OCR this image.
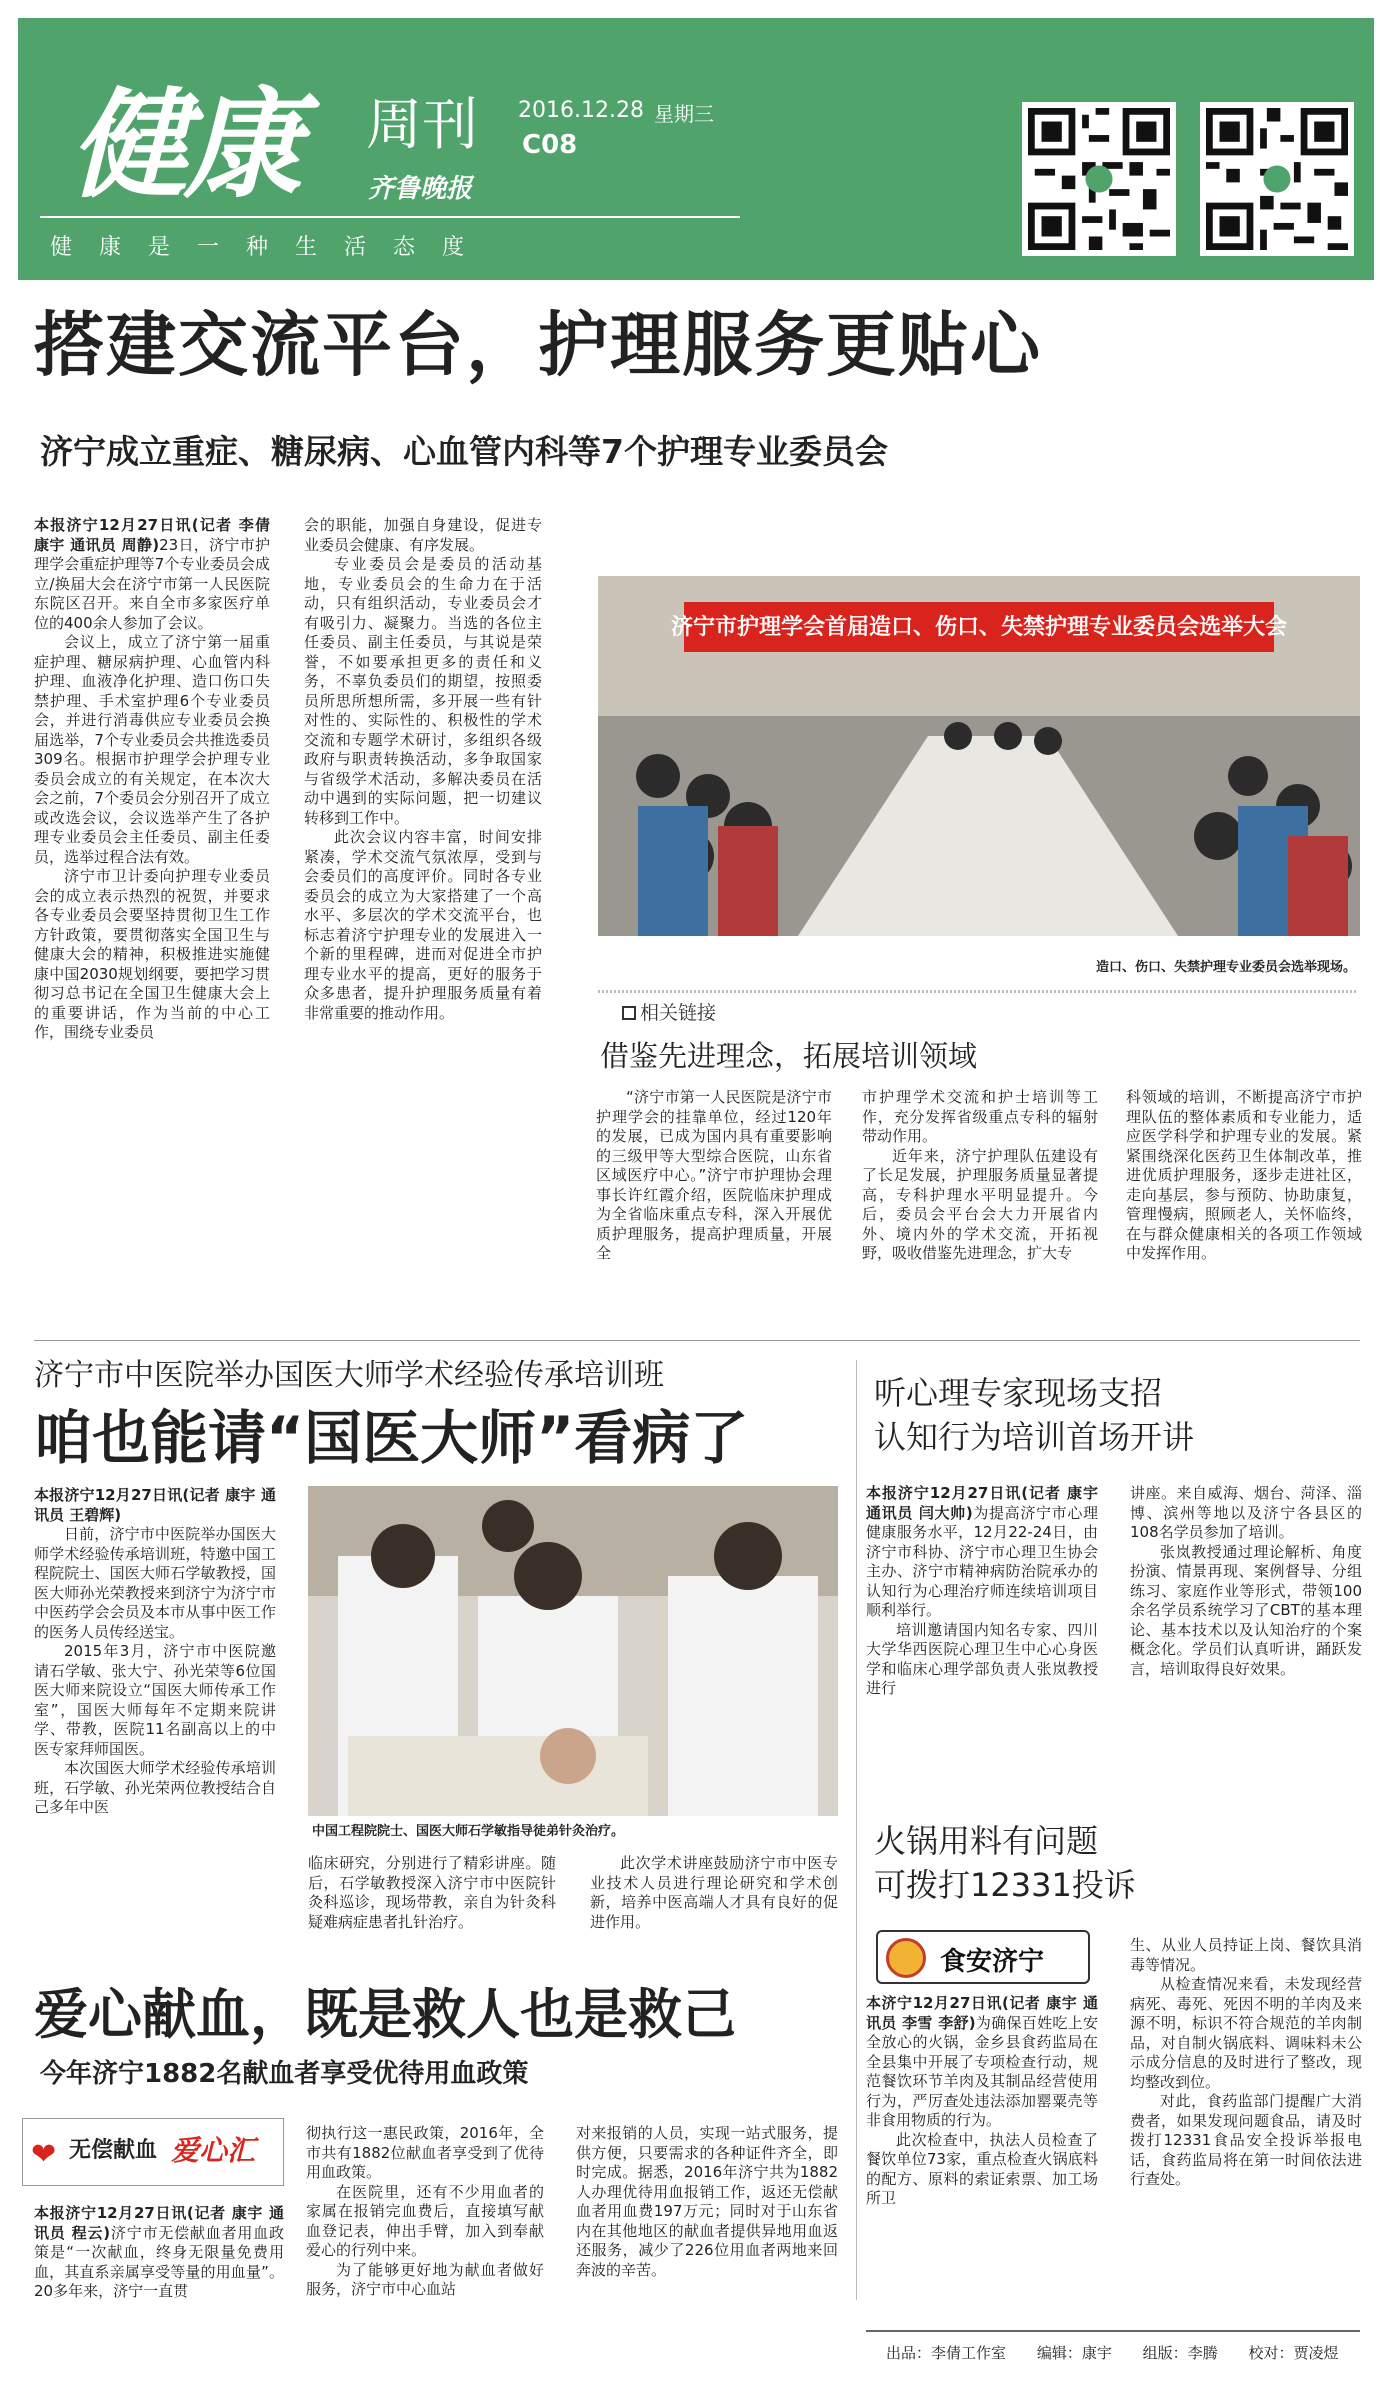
健康 周刊 2016.12.28 星期三
C08
齐鲁晚报
健 康 是 一 种 生 活 态 度
搭建交流平台，护理服务更贴心
济宁成立重症、糖尿病、心血管内科等7个护理专业委员会

本报济宁12月27日讯(记者 李倩 康宇 通讯员 周静)23日，济宁市护理学会重症护理等7个专业委员会成立/换届大会在济宁市第一人民医院东院区召开。来自全市多家医疗单位的400余人参加了会议。

会议上，成立了济宁第一届重症护理、糖尿病护理、心血管内科护理、血液净化护理、造口伤口失禁护理、手术室护理6个专业委员会，并进行消毒供应专业委员会换届选举，7个专业委员会共推选委员309名。根据市护理学会护理专业委员会成立的有关规定，在本次大会之前，7个委员会分别召开了成立或改选会议，会议选举产生了各护理专业委员会主任委员、副主任委员，选举过程合法有效。

济宁市卫计委向护理专业委员会的成立表示热烈的祝贺，并要求各专业委员会要坚持贯彻卫生工作方针政策，要贯彻落实全国卫生与健康大会的精神，积极推进实施健康中国2030规划纲要，要把学习贯彻习总书记在全国卫生健康大会上的重要讲话，作为当前的中心工作，围绕专业委员

会的职能，加强自身建设，促进专业委员会健康、有序发展。

专业委员会是委员的活动基地，专业委员会的生命力在于活动，只有组织活动，专业委员会才有吸引力、凝聚力。当选的各位主任委员、副主任委员，与其说是荣誉，不如要承担更多的责任和义务，不辜负委员们的期望，按照委员所思所想所需，多开展一些有针对性的、实际性的、积极性的学术交流和专题学术研讨，多组织各级政府与职责转换活动，多争取国家与省级学术活动，多解决委员在活动中遇到的实际问题，把一切建议转移到工作中。

此次会议内容丰富，时间安排紧凑，学术交流气氛浓厚，受到与会委员们的高度评价。同时各专业委员会的成立为大家搭建了一个高水平、多层次的学术交流平台，也标志着济宁护理专业的发展进入一个新的里程碑，进而对促进全市护理专业水平的提高，更好的服务于众多患者，提升护理服务质量有着非常重要的推动作用。

济宁市护理学会首届造口、伤口、失禁护理专业委员会选举大会
造口、伤口、失禁护理专业委员会选举现场。
相关链接
借鉴先进理念，拓展培训领域

“济宁市第一人民医院是济宁市护理学会的挂靠单位，经过120年的发展，已成为国内具有重要影响的三级甲等大型综合医院，山东省区域医疗中心。”济宁市护理协会理事长许红霞介绍，医院临床护理成为全省临床重点专科，深入开展优质护理服务，提高护理质量，开展全

市护理学术交流和护士培训等工作，充分发挥省级重点专科的辐射带动作用。

近年来，济宁护理队伍建设有了长足发展，护理服务质量显著提高，专科护理水平明显提升。今后，委员会平台会大力开展省内外、境内外的学术交流，开拓视野，吸收借鉴先进理念，扩大专

科领域的培训，不断提高济宁市护理队伍的整体素质和专业能力，适应医学科学和护理专业的发展。紧紧围绕深化医药卫生体制改革，推进优质护理服务，逐步走进社区，走向基层，参与预防、协助康复，管理慢病，照顾老人，关怀临终，在与群众健康相关的各项工作领域中发挥作用。

济宁市中医院举办国医大师学术经验传承培训班
咱也能请“国医大师”看病了

本报济宁12月27日讯(记者 康宇 通讯员 王碧辉)

日前，济宁市中医院举办国医大师学术经验传承培训班，特邀中国工程院院士、国医大师石学敏教授，国医大师孙光荣教授来到济宁为济宁市中医药学会会员及本市从事中医工作的医务人员传经送宝。

2015年3月，济宁市中医院邀请石学敏、张大宁、孙光荣等6位国医大师来院设立“国医大师传承工作室”，国医大师每年不定期来院讲学、带教，医院11名副高以上的中医专家拜师国医。

本次国医大师学术经验传承培训班，石学敏、孙光荣两位教授结合自己多年中医

中国工程院院士、国医大师石学敏指导徒弟针灸治疗。

临床研究，分别进行了精彩讲座。随后，石学敏教授深入济宁市中医院针灸科巡诊，现场带教，亲自为针灸科疑难病症患者扎针治疗。

此次学术讲座鼓励济宁市中医专业技术人员进行理论研究和学术创新，培养中医高端人才具有良好的促进作用。

听心理专家现场支招
认知行为培训首场开讲

本报济宁12月27日讯(记者 康宇 通讯员 闫大帅)为提高济宁市心理健康服务水平，12月22-24日，由济宁市科协、济宁市心理卫生协会主办、济宁市精神病防治院承办的认知行为心理治疗师连续培训项目顺利举行。

培训邀请国内知名专家、四川大学华西医院心理卫生中心心身医学和临床心理学部负责人张岚教授进行

讲座。来自威海、烟台、菏泽、淄博、滨州等地以及济宁各县区的108名学员参加了培训。

张岚教授通过理论解析、角度扮演、情景再现、案例督导、分组练习、家庭作业等形式，带领100余名学员系统学习了CBT的基本理论、基本技术以及认知治疗的个案概念化。学员们认真听讲，踊跃发言，培训取得良好效果。

火锅用料有问题
可拨打12331投诉
食安济宁

本济宁12月27日讯(记者 康宇 通讯员 李雪 李舒)为确保百姓吃上安全放心的火锅，金乡县食药监局在全县集中开展了专项检查行动，规范餐饮环节羊肉及其制品经营使用行为，严厉查处违法添加罂粟壳等非食用物质的行为。

此次检查中，执法人员检查了餐饮单位73家，重点检查火锅底料的配方、原料的索证索票、加工场所卫

生、从业人员持证上岗、餐饮具消毒等情况。

从检查情况来看，未发现经营病死、毒死、死因不明的羊肉及来源不明，标识不符合规范的羊肉制品，对自制火锅底料、调味料未公示成分信息的及时进行了整改，现均整改到位。

对此，食药监部门提醒广大消费者，如果发现问题食品，请及时拨打12331食品安全投诉举报电话，食药监局将在第一时间依法进行查处。

爱心献血，既是救人也是救己
今年济宁1882名献血者享受优待用血政策
❤ 无偿献血 爱心汇

本报济宁12月27日讯(记者 康宇 通讯员 程云)济宁市无偿献血者用血政策是“一次献血，终身无限量免费用血，其直系亲属享受等量的用血量”。20多年来，济宁一直贯

彻执行这一惠民政策，2016年，全市共有1882位献血者享受到了优待用血政策。

在医院里，还有不少用血者的家属在报销完血费后，直接填写献血登记表，伸出手臂，加入到奉献爱心的行列中来。

为了能够更好地为献血者做好服务，济宁市中心血站

对来报销的人员，实现一站式服务，提供方便，只要需求的各种证件齐全，即时完成。据悉，2016年济宁共为1882人办理优待用血报销工作，返还无偿献血者用血费197万元；同时对于山东省内在其他地区的献血者提供异地用血返还服务，减少了226位用血者两地来回奔波的辛苦。

出品：李倩工作室 编辑：康宇 组版：李腾 校对：贾凌煜
